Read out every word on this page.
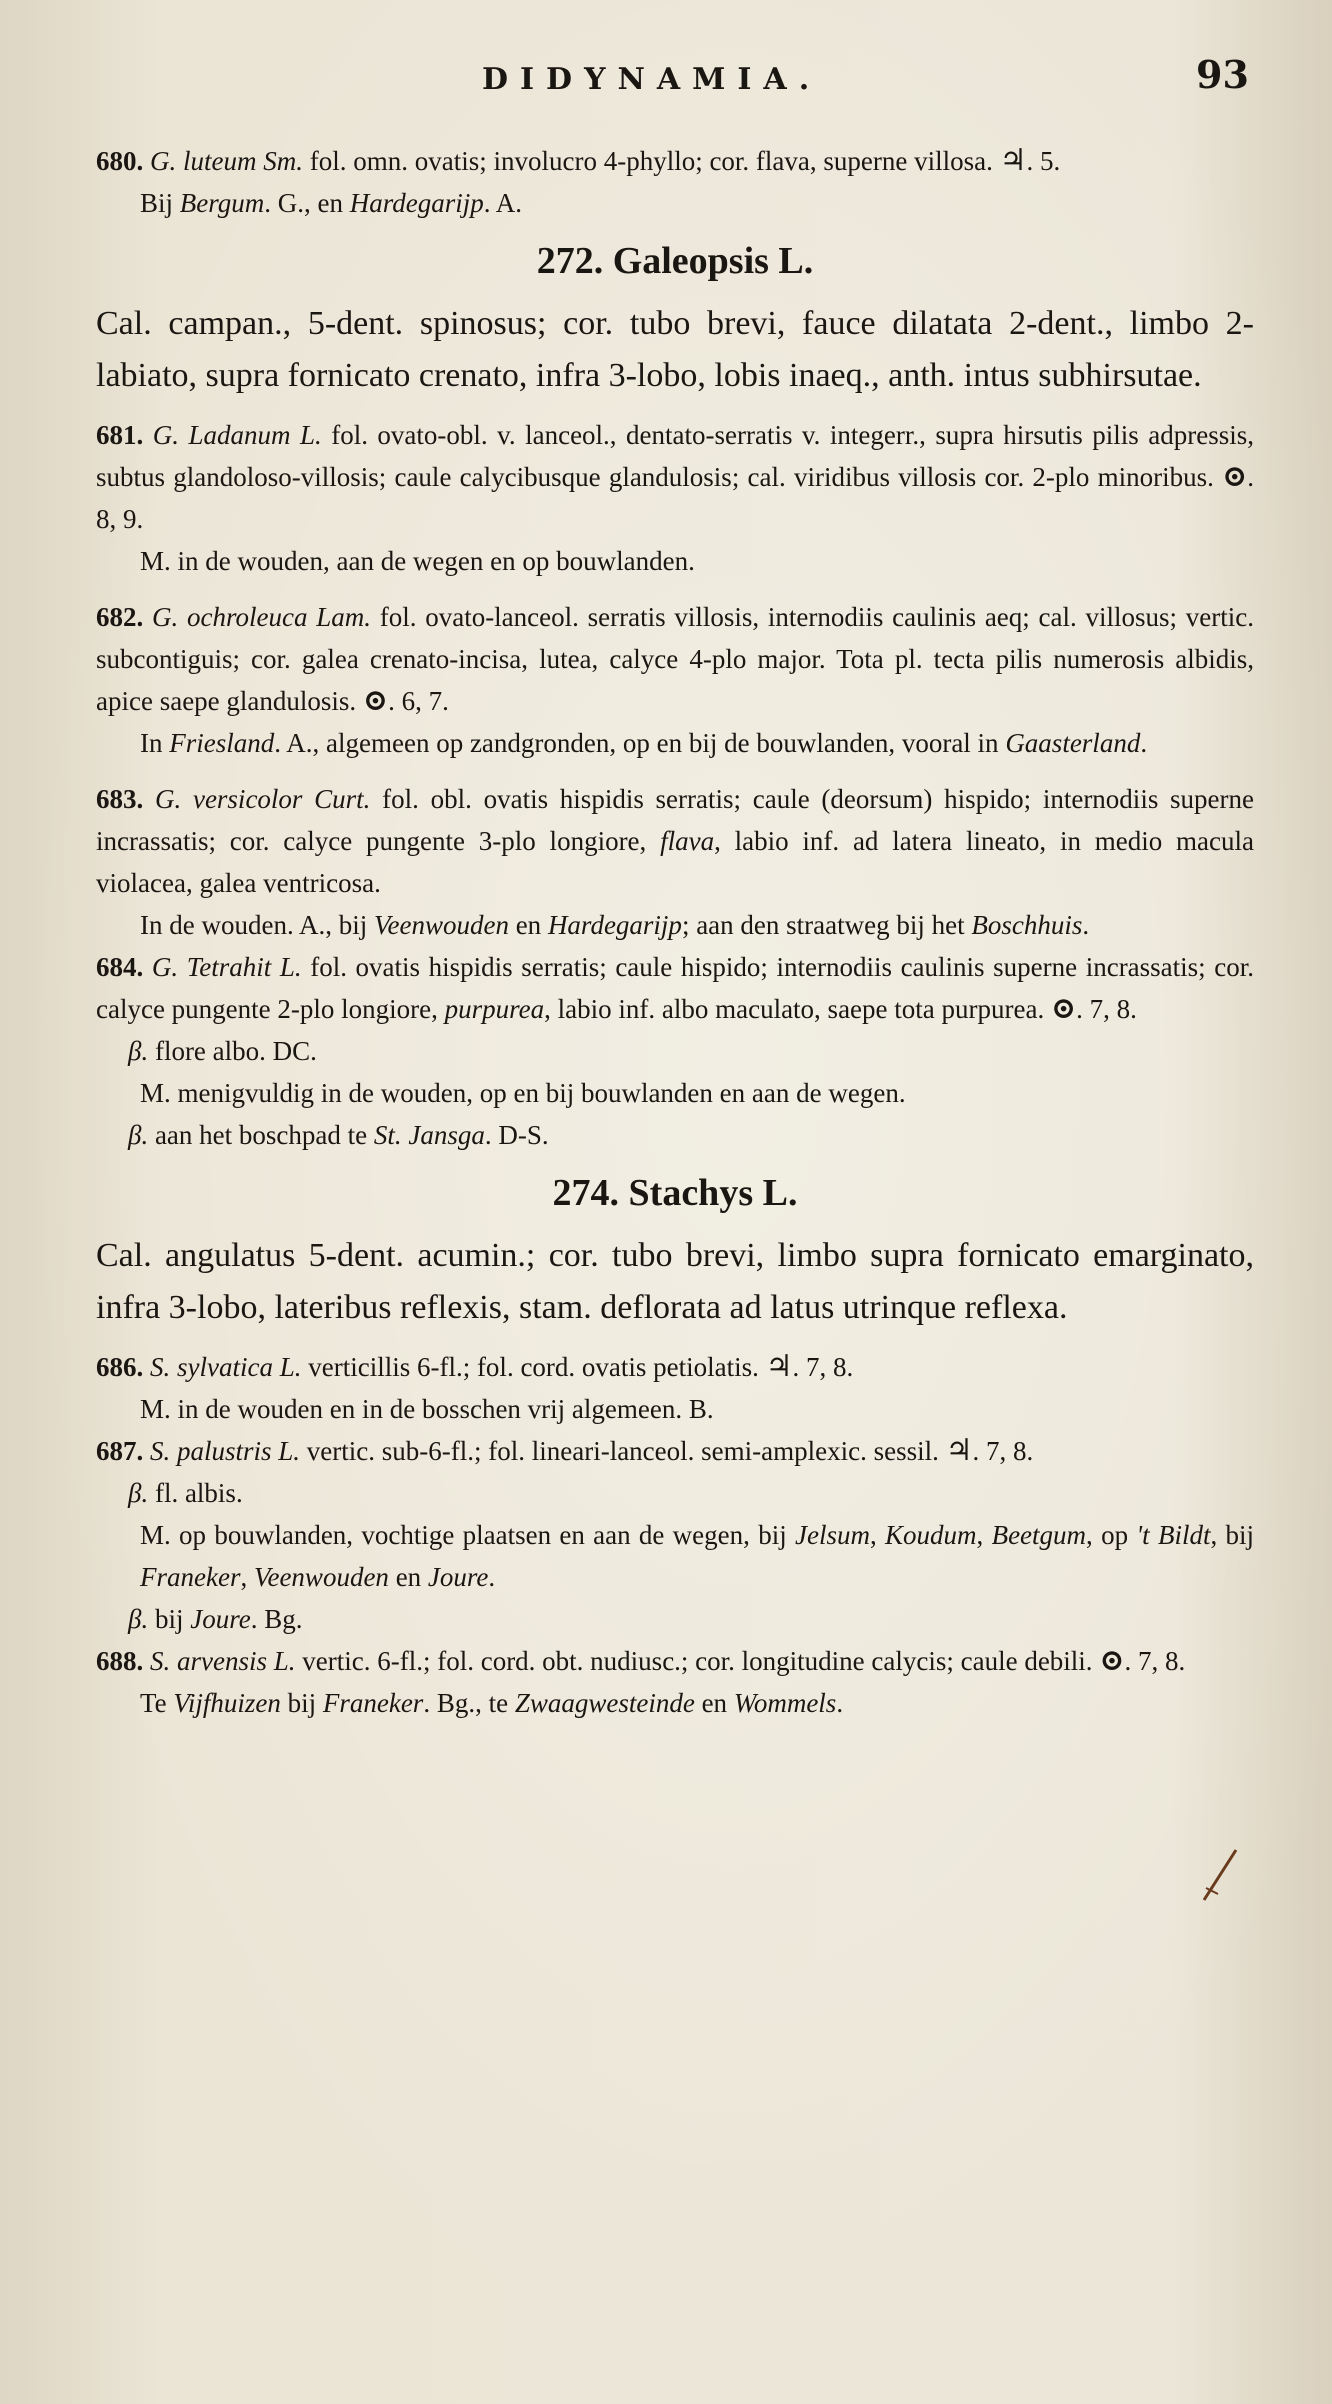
DIDYNAMIA.	93

680. G. luteum Sm. fol. omn. ovatis; involucro 4-phyllo; cor. flava, superne villosa. ♃. 5.

Bij Bergum. G., en Hardegarijp. A.

272. Galeopsis L.

Cal. campan., 5-dent. spinosus; cor. tubo brevi, fauce dilatata 2-dent., limbo 2-labiato, supra fornicato crenato, infra 3-lobo, lobis inaeq., anth. intus subhirsutae.

681. G. Ladanum L. fol. ovato-obl. v. lanceol., dentato-serratis v. integerr., supra hirsutis pilis adpressis, subtus glandoloso-villosis; caule calycibusque glandulosis; cal. viridibus villosis cor. 2-plo minoribus. ⊙. 8, 9.

M. in de wouden, aan de wegen en op bouwlanden.

682. G. ochroleuca Lam. fol. ovato-lanceol. serratis villosis, internodiis caulinis aeq; cal. villosus; vertic. subcontiguis; cor. galea crenato-incisa, lutea, calyce 4-plo major. Tota pl. tecta pilis numerosis albidis, apice saepe glandulosis. ⊙. 6, 7.

In Friesland. A., algemeen op zandgronden, op en bij de bouwlanden, vooral in Gaasterland.

683. G. versicolor Curt. fol. obl. ovatis hispidis serratis; caule (deorsum) hispido; internodiis superne incrassatis; cor. calyce pungente 3-plo longiore, flava, labio inf. ad latera lineato, in medio macula violacea, galea ventricosa.

In de wouden. A., bij Veenwouden en Hardegarijp; aan den straatweg bij het Boschhuis.

684. G. Tetrahit L. fol. ovatis hispidis serratis; caule hispido; internodiis caulinis superne incrassatis; cor. calyce pungente 2-plo longiore, purpurea, labio inf. albo maculato, saepe tota purpurea. ⊙. 7, 8.

β. flore albo. DC.

M. menigvuldig in de wouden, op en bij bouwlanden en aan de wegen.

β. aan het boschpad te St. Jansga. D-S.

274. Stachys L.

Cal. angulatus 5-dent. acumin.; cor. tubo brevi, limbo supra fornicato emarginato, infra 3-lobo, lateribus reflexis, stam. deflorata ad latus utrinque reflexa.

686. S. sylvatica L. verticillis 6-fl.; fol. cord. ovatis petiolatis. ♃. 7, 8.

M. in de wouden en in de bosschen vrij algemeen. B.

687. S. palustris L. vertic. sub-6-fl.; fol. lineari-lanceol. semi-amplexic. sessil. ♃. 7, 8.

β. fl. albis.

M. op bouwlanden, vochtige plaatsen en aan de wegen, bij Jelsum, Koudum, Beetgum, op 't Bildt, bij Franeker, Veenwouden en Joure.

β. bij Joure. Bg.

688. S. arvensis L. vertic. 6-fl.; fol. cord. obt. nudiusc.; cor. longitudine calycis; caule debili. ⊙. 7, 8.

Te Vijfhuizen bij Franeker. Bg., te Zwaagwesteinde en Wommels.
